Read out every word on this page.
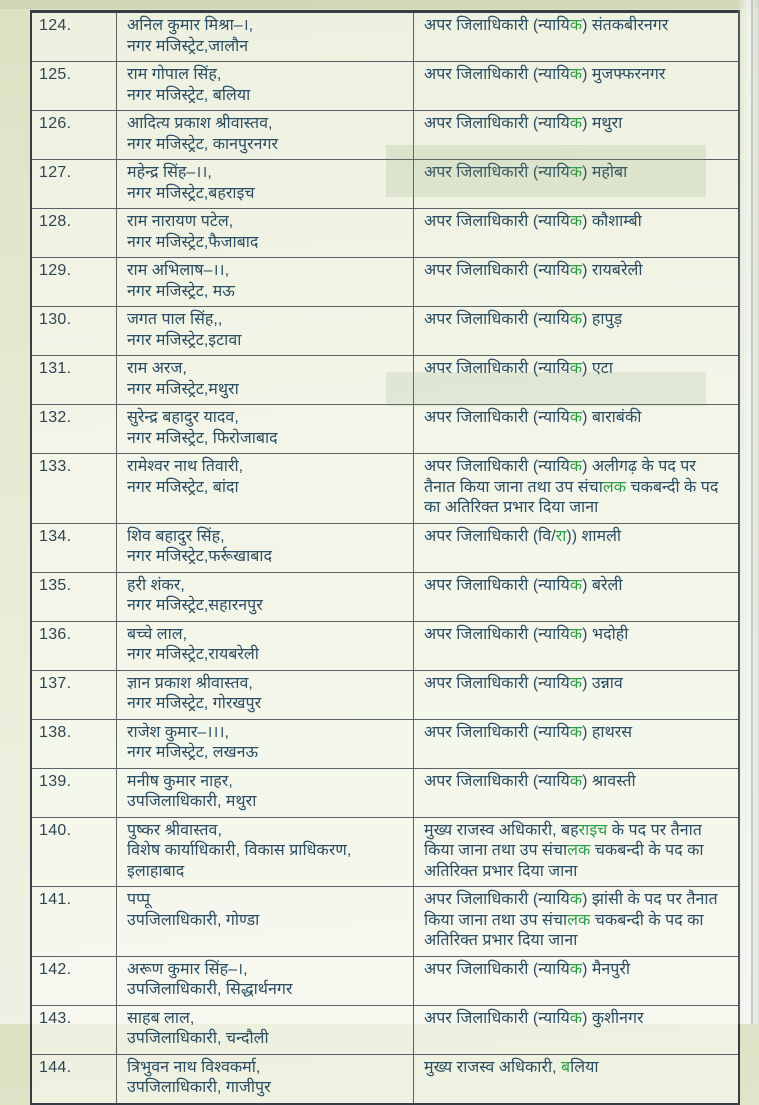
124.	अनिल कुमार मिश्रा–।,
नगर मजिस्ट्रेट,जालौन
अपर जिलाधिकारी (न्यायिक) संतकबीरनगर
125.	राम गोपाल सिंह,
नगर मजिस्ट्रेट, बलिया
अपर जिलाधिकारी (न्यायिक) मुजफ्फरनगर
126.	आदित्य प्रकाश श्रीवास्तव,
नगर मजिस्ट्रेट, कानपुरनगर
अपर जिलाधिकारी (न्यायिक) मथुरा
127.	महेन्द्र सिंह–।।,
नगर मजिस्ट्रेट,बहराइच
अपर जिलाधिकारी (न्यायिक) महोबा
128.	राम नारायण पटेल,
नगर मजिस्ट्रेट,फैजाबाद
अपर जिलाधिकारी (न्यायिक) कौशाम्बी
129.	राम अभिलाष–।।,
नगर मजिस्ट्रेट, मऊ
अपर जिलाधिकारी (न्यायिक) रायबरेली
130.	जगत पाल सिंह,,
नगर मजिस्ट्रेट,इटावा
अपर जिलाधिकारी (न्यायिक) हापुड़
131.	राम अरज,
नगर मजिस्ट्रेट,मथुरा
अपर जिलाधिकारी (न्यायिक) एटा
132.	सुरेन्द्र बहादुर यादव,
नगर मजिस्ट्रेट, फिरोजाबाद
अपर जिलाधिकारी (न्यायिक) बाराबंकी
133.	रामेश्वर नाथ तिवारी,
नगर मजिस्ट्रेट, बांदा
अपर जिलाधिकारी (न्यायिक) अलीगढ़ के पद पर तैनात किया जाना तथा उप संचालक चकबन्दी के पद का अतिरिक्त प्रभार दिया जाना
134.	शिव बहादुर सिंह,
नगर मजिस्ट्रेट,फर्रूखाबाद
अपर जिलाधिकारी (वि/रा)) शामली
135.	हरी शंकर,
नगर मजिस्ट्रेट,सहारनपुर
अपर जिलाधिकारी (न्यायिक) बरेली
136.	बच्चे लाल,
नगर मजिस्ट्रेट,रायबरेली
अपर जिलाधिकारी (न्यायिक) भदोही
137.	ज्ञान प्रकाश श्रीवास्तव,
नगर मजिस्ट्रेट, गोरखपुर
अपर जिलाधिकारी (न्यायिक) उन्नाव
138.	राजेश कुमार–।।।,
नगर मजिस्ट्रेट, लखनऊ
अपर जिलाधिकारी (न्यायिक) हाथरस
139.	मनीष कुमार नाहर,
उपजिलाधिकारी, मथुरा
अपर जिलाधिकारी (न्यायिक) श्रावस्ती
140.	पुष्कर श्रीवास्तव,
विशेष कार्याधिकारी, विकास प्राधिकरण, इलाहाबाद
मुख्य राजस्व अधिकारी, बहराइच के पद पर तैनात किया जाना तथा उप संचालक चकबन्दी के पद का अतिरिक्त प्रभार दिया जाना
141.	पप्पू
उपजिलाधिकारी, गोण्डा
अपर जिलाधिकारी (न्यायिक) झांसी के पद पर तैनात किया जाना तथा उप संचालक चकबन्दी के पद का अतिरिक्त प्रभार दिया जाना
142.	अरूण कुमार सिंह–।,
उपजिलाधिकारी, सिद्धार्थनगर
अपर जिलाधिकारी (न्यायिक) मैनपुरी
143.	साहब लाल,
उपजिलाधिकारी, चन्दौली
अपर जिलाधिकारी (न्यायिक) कुशीनगर
144.	त्रिभुवन नाथ विश्वकर्मा,
उपजिलाधिकारी, गाजीपुर
मुख्य राजस्व अधिकारी, बलिया
